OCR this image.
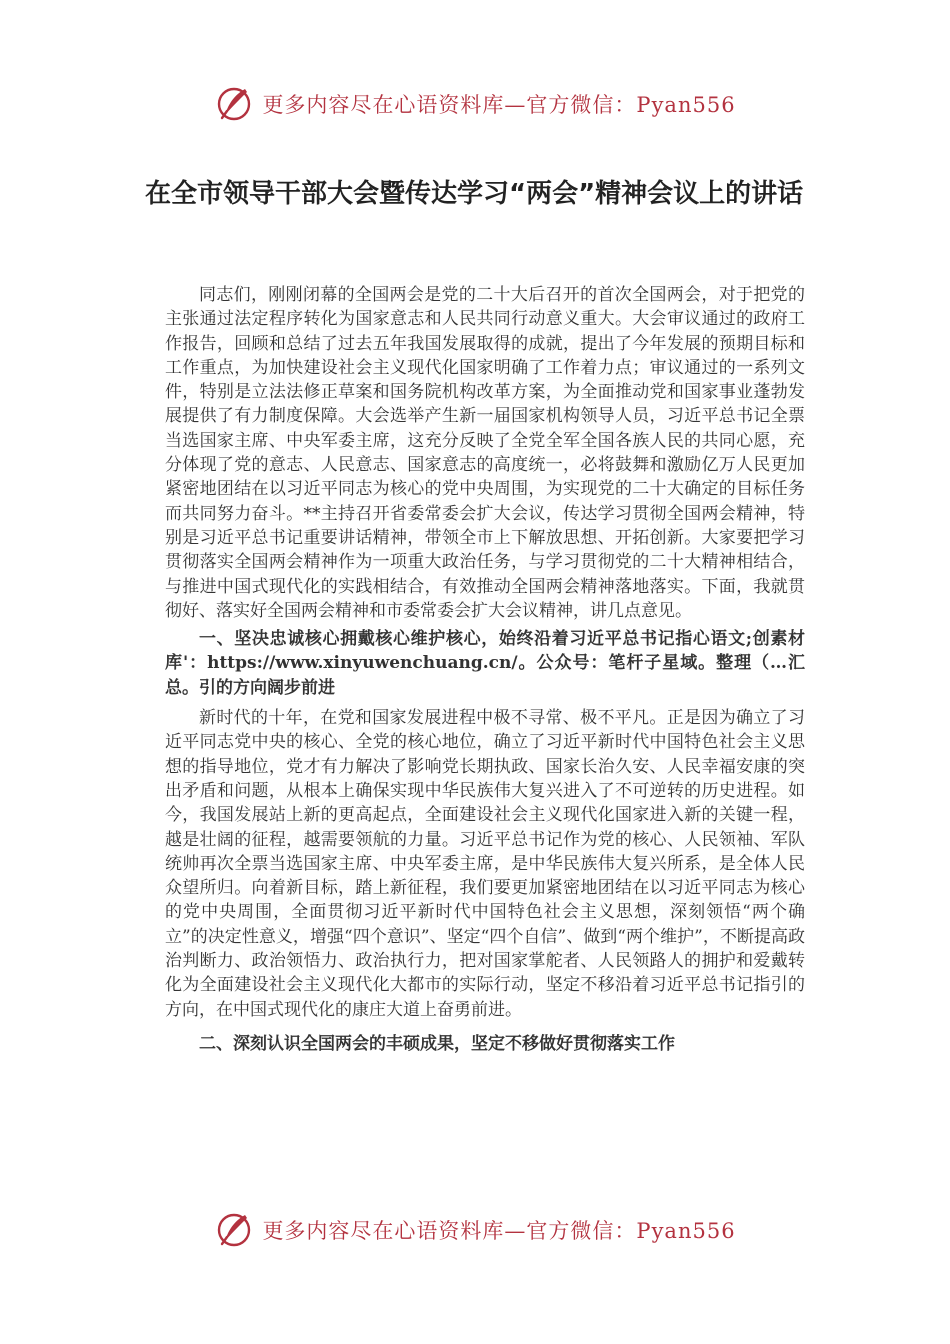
更多内容尽在心语资料库—官方微信：Pyan556
在全市领导干部大会暨传达学习“两会”精神会议上的讲话

同志们，刚刚闭幕的全国两会是党的二十大后召开的首次全国两会，对于把党的主张通过法定程序转化为国家意志和人民共同行动意义重大。大会审议通过的政府工作报告，回顾和总结了过去五年我国发展取得的成就，提出了今年发展的预期目标和工作重点，为加快建设社会主义现代化国家明确了工作着力点；审议通过的一系列文件，特别是立法法修正草案和国务院机构改革方案，为全面推动党和国家事业蓬勃发展提供了有力制度保障。大会选举产生新一届国家机构领导人员，习近平总书记全票当选国家主席、中央军委主席，这充分反映了全党全军全国各族人民的共同心愿，充分体现了党的意志、人民意志、国家意志的高度统一，必将鼓舞和激励亿万人民更加紧密地团结在以习近平同志为核心的党中央周围，为实现党的二十大确定的目标任务而共同努力奋斗。**主持召开省委常委会扩大会议，传达学习贯彻全国两会精神，特别是习近平总书记重要讲话精神，带领全市上下解放思想、开拓创新。大家要把学习贯彻落实全国两会精神作为一项重大政治任务，与学习贯彻党的二十大精神相结合，与推进中国式现代化的实践相结合，有效推动全国两会精神落地落实。下面，我就贯彻好、落实好全国两会精神和市委常委会扩大会议精神，讲几点意见。

一、坚决忠诚核心拥戴核心维护核心，始终沿着习近平总书记指心语文;创素材库'：https://www.xinyuwenchuang.cn/。公众号：笔杆子星域。整理（…汇总。引的方向阔步前进

新时代的十年，在党和国家发展进程中极不寻常、极不平凡。正是因为确立了习近平同志党中央的核心、全党的核心地位，确立了习近平新时代中国特色社会主义思想的指导地位，党才有力解决了影响党长期执政、国家长治久安、人民幸福安康的突出矛盾和问题，从根本上确保实现中华民族伟大复兴进入了不可逆转的历史进程。如今，我国发展站上新的更高起点，全面建设社会主义现代化国家进入新的关键一程，越是壮阔的征程，越需要领航的力量。习近平总书记作为党的核心、人民领袖、军队统帅再次全票当选国家主席、中央军委主席，是中华民族伟大复兴所系，是全体人民众望所归。向着新目标，踏上新征程，我们要更加紧密地团结在以习近平同志为核心的党中央周围，全面贯彻习近平新时代中国特色社会主义思想，深刻领悟“两个确立”的决定性意义，增强“四个意识”、坚定“四个自信”、做到“两个维护”，不断提高政治判断力、政治领悟力、政治执行力，把对国家掌舵者、人民领路人的拥护和爱戴转化为全面建设社会主义现代化大都市的实际行动，坚定不移沿着习近平总书记指引的方向，在中国式现代化的康庄大道上奋勇前进。

二、深刻认识全国两会的丰硕成果，坚定不移做好贯彻落实工作

更多内容尽在心语资料库—官方微信：Pyan556
